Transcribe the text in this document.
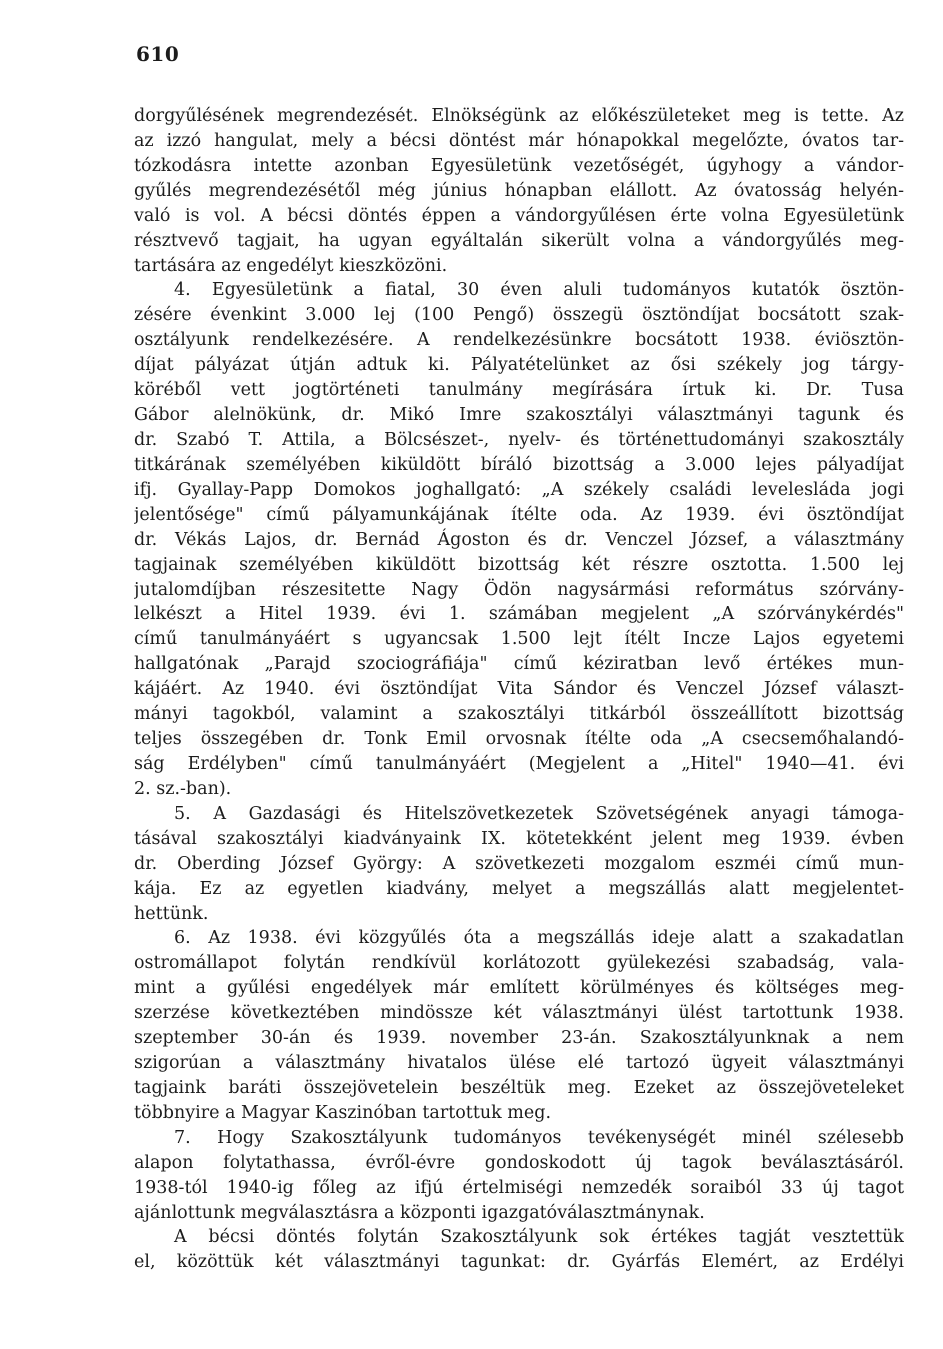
610
dorgyűlésének megrendezését. Elnökségünk az előkészületeket meg is tette. Az
az izzó hangulat, mely a bécsi döntést már hónapokkal megelőzte, óvatos tar-
tózkodásra intette azonban Egyesületünk vezetőségét, úgyhogy a vándor-
gyűlés megrendezésétől még június hónapban elállott. Az óvatosság helyén-
való is vol. A bécsi döntés éppen a vándorgyűlésen érte volna Egyesületünk
résztvevő tagjait, ha ugyan egyáltalán sikerült volna a vándorgyűlés meg-
tartására az engedélyt kieszközöni.
4. Egyesületünk a fiatal, 30 éven aluli tudományos kutatók ösztön-
zésére évenkint 3.000 lej (100 Pengő) összegü ösztöndíjat bocsátott szak-
osztályunk rendelkezésére. A rendelkezésünkre bocsátott 1938. éviösztön-
díjat pályázat útján adtuk ki. Pályatételünket az ősi székely jog tárgy-
köréből vett jogtörténeti tanulmány megírására írtuk ki. Dr. Tusa
Gábor alelnökünk, dr. Mikó Imre szakosztályi választmányi tagunk és
dr. Szabó T. Attila, a Bölcsészet-, nyelv- és történettudományi szakosztály
titkárának személyében kiküldött bíráló bizottság a 3.000 lejes pályadíjat
ifj. Gyallay-Papp Domokos joghallgató: „A székely családi levelesláda jogi
jelentősége" című pályamunkájának ítélte oda. Az 1939. évi ösztöndíjat
dr. Vékás Lajos, dr. Bernád Ágoston és dr. Venczel József, a választmány
tagjainak személyében kiküldött bizottság két részre osztotta. 1.500 lej
jutalomdíjban részesitette Nagy Ödön nagysármási református szórvány-
lelkészt a Hitel 1939. évi 1. számában megjelent „A szórványkérdés"
című tanulmányáért s ugyancsak 1.500 lejt ítélt Incze Lajos egyetemi
hallgatónak „Parajd szociográfiája" című kéziratban levő értékes mun-
kájáért. Az 1940. évi ösztöndíjat Vita Sándor és Venczel József választ-
mányi tagokból, valamint a szakosztályi titkárból összeállított bizottság
teljes összegében dr. Tonk Emil orvosnak ítélte oda „A csecsemőhalandó-
ság Erdélyben" című tanulmányáért (Megjelent a „Hitel" 1940—41. évi
2. sz.-ban).
5. A Gazdasági és Hitelszövetkezetek Szövetségének anyagi támoga-
tásával szakosztályi kiadványaink IX. kötetekként jelent meg 1939. évben
dr. Oberding József György: A szövetkezeti mozgalom eszméi című mun-
kája. Ez az egyetlen kiadvány, melyet a megszállás alatt megjelentet-
hettünk.
6. Az 1938. évi közgyűlés óta a megszállás ideje alatt a szakadatlan
ostromállapot folytán rendkívül korlátozott gyülekezési szabadság, vala-
mint a gyűlési engedélyek már említett körülményes és költséges meg-
szerzése következtében mindössze két választmányi ülést tartottunk 1938.
szeptember 30-án és 1939. november 23-án. Szakosztályunknak a nem
szigorúan a választmány hivatalos ülése elé tartozó ügyeit választmányi
tagjaink baráti összejövetelein beszéltük meg. Ezeket az összejöveteleket
többnyire a Magyar Kaszinóban tartottuk meg.
7. Hogy Szakosztályunk tudományos tevékenységét minél szélesebb
alapon folytathassa, évről-évre gondoskodott új tagok beválasztásáról.
1938-tól 1940-ig főleg az ifjú értelmiségi nemzedék soraiból 33 új tagot
ajánlottunk megválasztásra a központi igazgatóválasztmánynak.
A bécsi döntés folytán Szakosztályunk sok értékes tagját vesztettük
el, közöttük két választmányi tagunkat: dr. Gyárfás Elemért, az Erdélyi
